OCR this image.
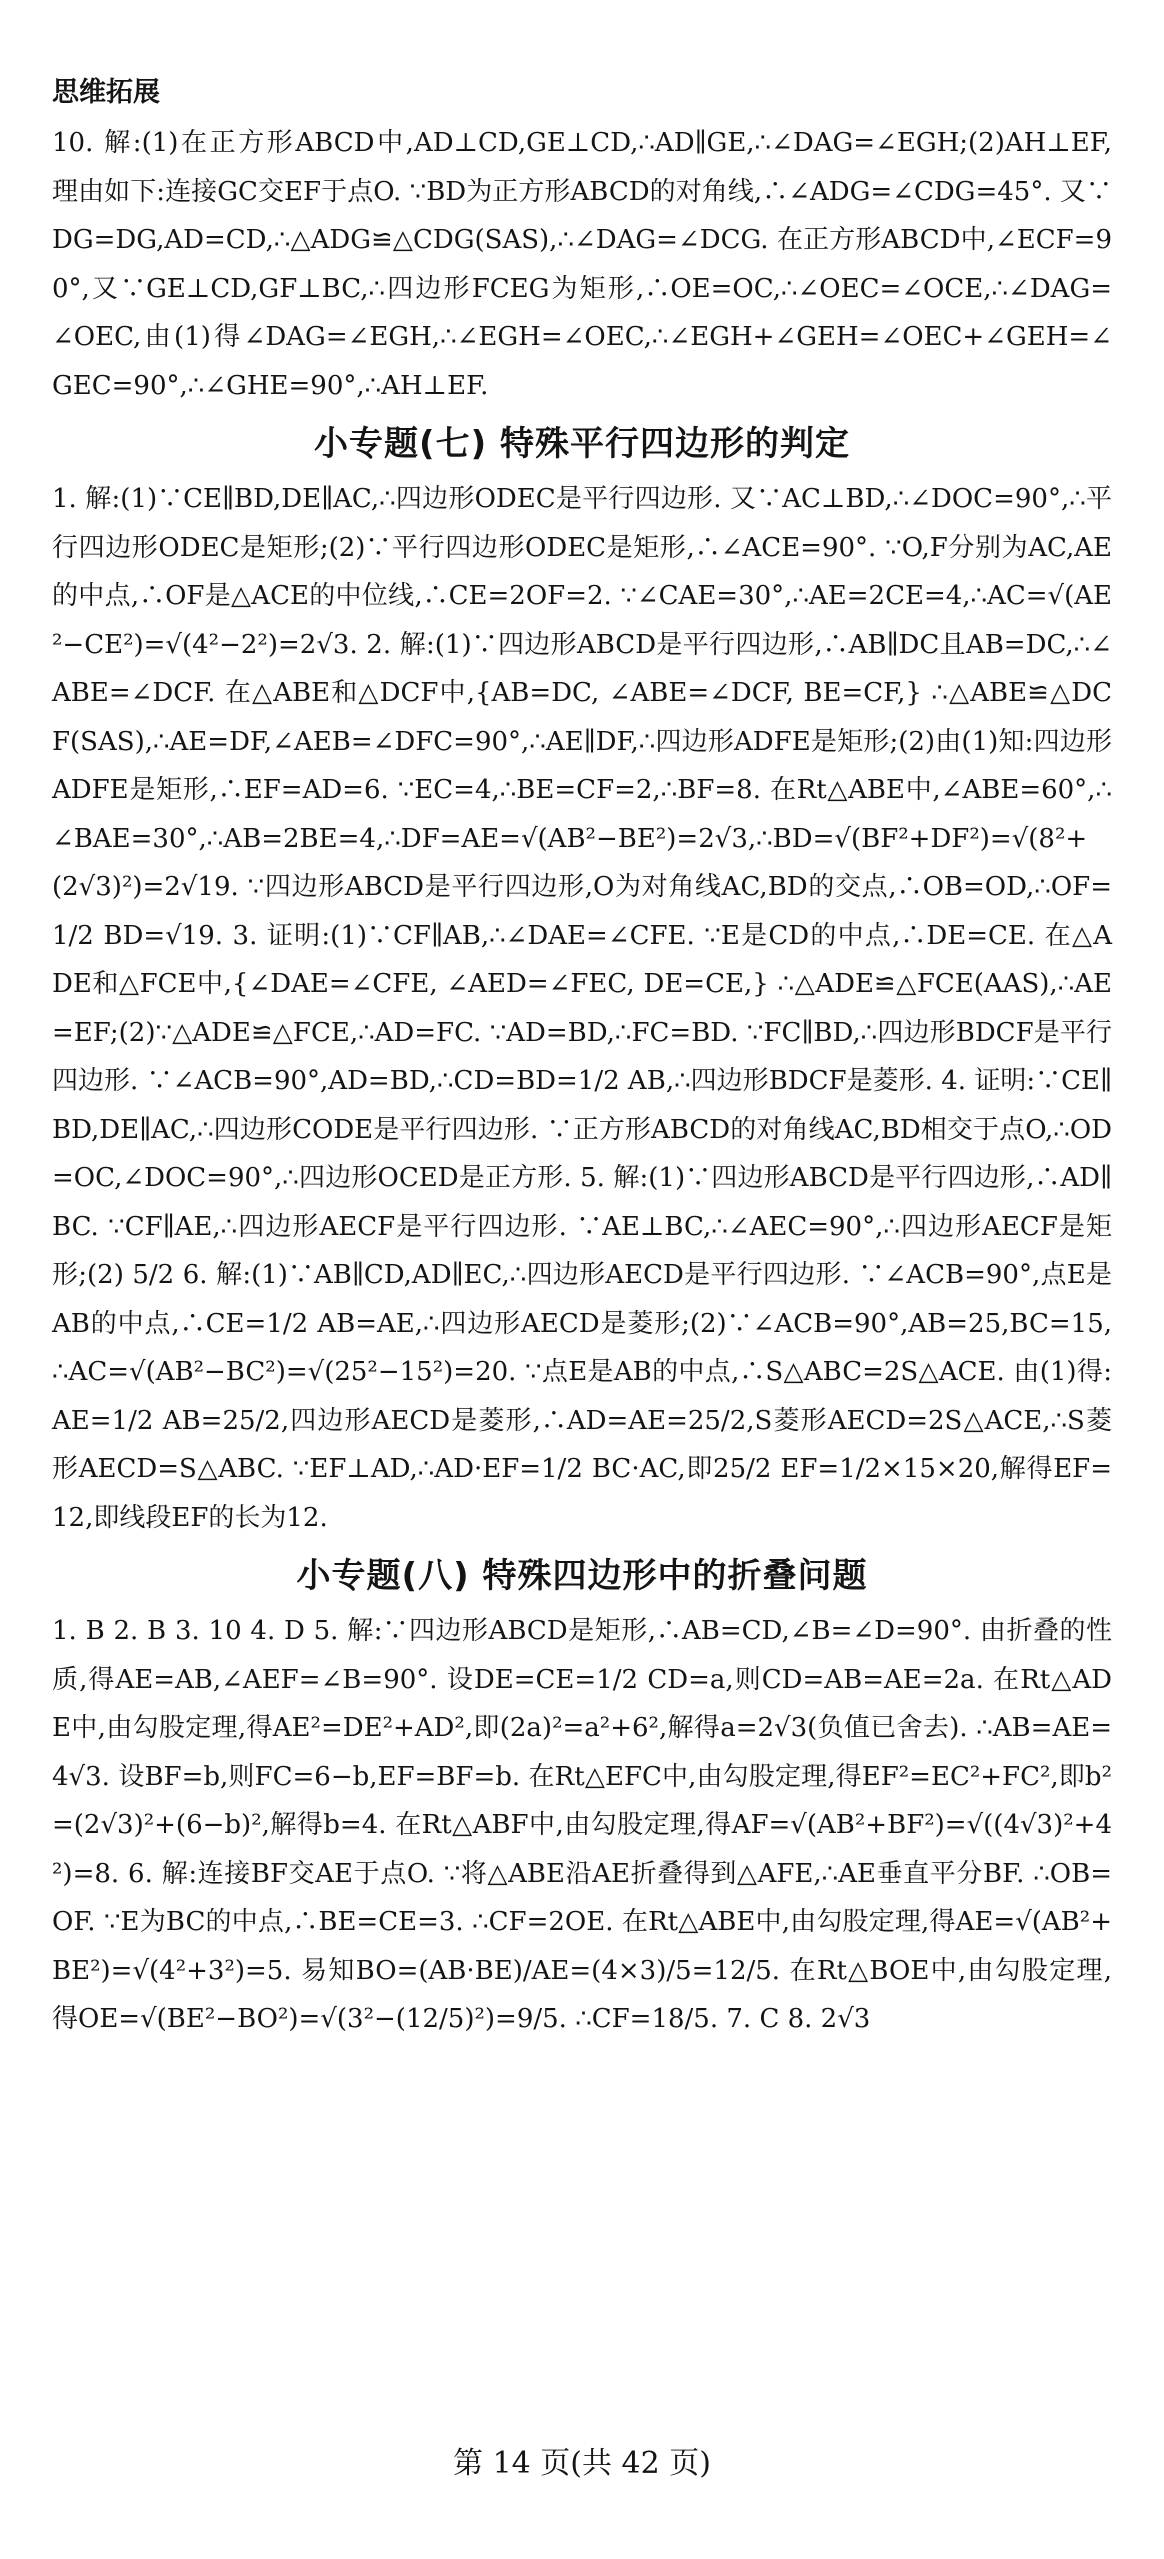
思维拓展

10. 解:(1)在正方形ABCD中,AD⊥CD,GE⊥CD,∴AD∥GE,∴∠DAG=∠EGH;(2)AH⊥EF,理由如下:连接GC交EF于点O. ∵BD为正方形ABCD的对角线,∴∠ADG=∠CDG=45°. 又∵DG=DG,AD=CD,∴△ADG≌△CDG(SAS),∴∠DAG=∠DCG. 在正方形ABCD中,∠ECF=90°,又∵GE⊥CD,GF⊥BC,∴四边形FCEG为矩形,∴OE=OC,∴∠OEC=∠OCE,∴∠DAG=∠OEC,由(1)得∠DAG=∠EGH,∴∠EGH=∠OEC,∴∠EGH+∠GEH=∠OEC+∠GEH=∠GEC=90°,∴∠GHE=90°,∴AH⊥EF.

小专题(七) 特殊平行四边形的判定

1. 解:(1)∵CE∥BD,DE∥AC,∴四边形ODEC是平行四边形. 又∵AC⊥BD,∴∠DOC=90°,∴平行四边形ODEC是矩形;(2)∵平行四边形ODEC是矩形,∴∠ACE=90°. ∵O,F分别为AC,AE的中点,∴OF是△ACE的中位线,∴CE=2OF=2. ∵∠CAE=30°,∴AE=2CE=4,∴AC=√(AE²−CE²)=√(4²−2²)=2√3. 2. 解:(1)∵四边形ABCD是平行四边形,∴AB∥DC且AB=DC,∴∠ABE=∠DCF. 在△ABE和△DCF中,{AB=DC, ∠ABE=∠DCF, BE=CF,} ∴△ABE≌△DCF(SAS),∴AE=DF,∠AEB=∠DFC=90°,∴AE∥DF,∴四边形ADFE是矩形;(2)由(1)知:四边形ADFE是矩形,∴EF=AD=6. ∵EC=4,∴BE=CF=2,∴BF=8. 在Rt△ABE中,∠ABE=60°,∴∠BAE=30°,∴AB=2BE=4,∴DF=AE=√(AB²−BE²)=2√3,∴BD=√(BF²+DF²)=√(8²+(2√3)²)=2√19. ∵四边形ABCD是平行四边形,O为对角线AC,BD的交点,∴OB=OD,∴OF=1/2 BD=√19. 3. 证明:(1)∵CF∥AB,∴∠DAE=∠CFE. ∵E是CD的中点,∴DE=CE. 在△ADE和△FCE中,{∠DAE=∠CFE, ∠AED=∠FEC, DE=CE,} ∴△ADE≌△FCE(AAS),∴AE=EF;(2)∵△ADE≌△FCE,∴AD=FC. ∵AD=BD,∴FC=BD. ∵FC∥BD,∴四边形BDCF是平行四边形. ∵∠ACB=90°,AD=BD,∴CD=BD=1/2 AB,∴四边形BDCF是菱形. 4. 证明:∵CE∥BD,DE∥AC,∴四边形CODE是平行四边形. ∵正方形ABCD的对角线AC,BD相交于点O,∴OD=OC,∠DOC=90°,∴四边形OCED是正方形. 5. 解:(1)∵四边形ABCD是平行四边形,∴AD∥BC. ∵CF∥AE,∴四边形AECF是平行四边形. ∵AE⊥BC,∴∠AEC=90°,∴四边形AECF是矩形;(2) 5/2 6. 解:(1)∵AB∥CD,AD∥EC,∴四边形AECD是平行四边形. ∵∠ACB=90°,点E是AB的中点,∴CE=1/2 AB=AE,∴四边形AECD是菱形;(2)∵∠ACB=90°,AB=25,BC=15,∴AC=√(AB²−BC²)=√(25²−15²)=20. ∵点E是AB的中点,∴S△ABC=2S△ACE. 由(1)得:AE=1/2 AB=25/2,四边形AECD是菱形,∴AD=AE=25/2,S菱形AECD=2S△ACE,∴S菱形AECD=S△ABC. ∵EF⊥AD,∴AD·EF=1/2 BC·AC,即25/2 EF=1/2×15×20,解得EF=12,即线段EF的长为12.

小专题(八) 特殊四边形中的折叠问题

1. B 2. B 3. 10 4. D 5. 解:∵四边形ABCD是矩形,∴AB=CD,∠B=∠D=90°. 由折叠的性质,得AE=AB,∠AEF=∠B=90°. 设DE=CE=1/2 CD=a,则CD=AB=AE=2a. 在Rt△ADE中,由勾股定理,得AE²=DE²+AD²,即(2a)²=a²+6²,解得a=2√3(负值已舍去). ∴AB=AE=4√3. 设BF=b,则FC=6−b,EF=BF=b. 在Rt△EFC中,由勾股定理,得EF²=EC²+FC²,即b²=(2√3)²+(6−b)²,解得b=4. 在Rt△ABF中,由勾股定理,得AF=√(AB²+BF²)=√((4√3)²+4²)=8. 6. 解:连接BF交AE于点O. ∵将△ABE沿AE折叠得到△AFE,∴AE垂直平分BF. ∴OB=OF. ∵E为BC的中点,∴BE=CE=3. ∴CF=2OE. 在Rt△ABE中,由勾股定理,得AE=√(AB²+BE²)=√(4²+3²)=5. 易知BO=(AB·BE)/AE=(4×3)/5=12/5. 在Rt△BOE中,由勾股定理,得OE=√(BE²−BO²)=√(3²−(12/5)²)=9/5. ∴CF=18/5. 7. C 8. 2√3

第 14 页(共 42 页)
